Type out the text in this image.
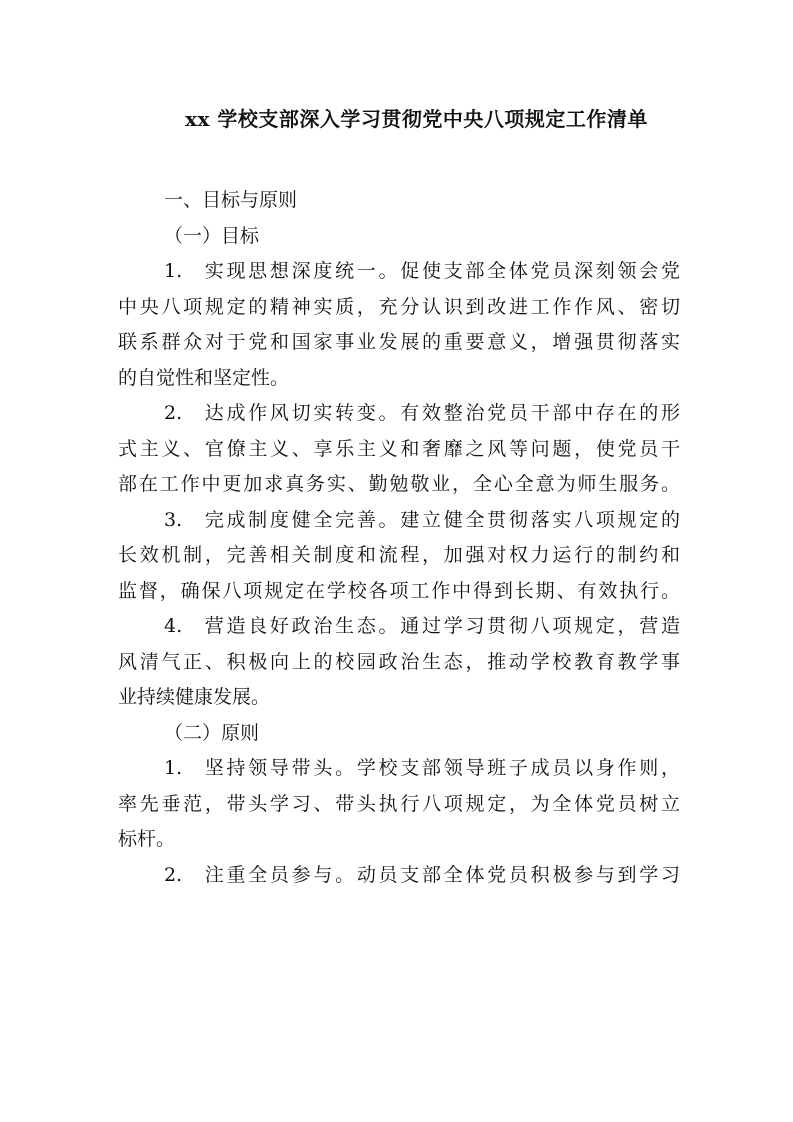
xx 学校支部深入学习贯彻党中央八项规定工作清单
一、目标与原则
（一）目标
1. 实现思想深度统一。促使支部全体党员深刻领会党
中央八项规定的精神实质，充分认识到改进工作作风、密切
联系群众对于党和国家事业发展的重要意义，增强贯彻落实
的自觉性和坚定性。
2. 达成作风切实转变。有效整治党员干部中存在的形
式主义、官僚主义、享乐主义和奢靡之风等问题，使党员干
部在工作中更加求真务实、勤勉敬业，全心全意为师生服务。
3. 完成制度健全完善。建立健全贯彻落实八项规定的
长效机制，完善相关制度和流程，加强对权力运行的制约和
监督，确保八项规定在学校各项工作中得到长期、有效执行。
4. 营造良好政治生态。通过学习贯彻八项规定，营造
风清气正、积极向上的校园政治生态，推动学校教育教学事
业持续健康发展。
（二）原则
1. 坚持领导带头。学校支部领导班子成员以身作则，
率先垂范，带头学习、带头执行八项规定，为全体党员树立
标杆。
2. 注重全员参与。动员支部全体党员积极参与到学习
